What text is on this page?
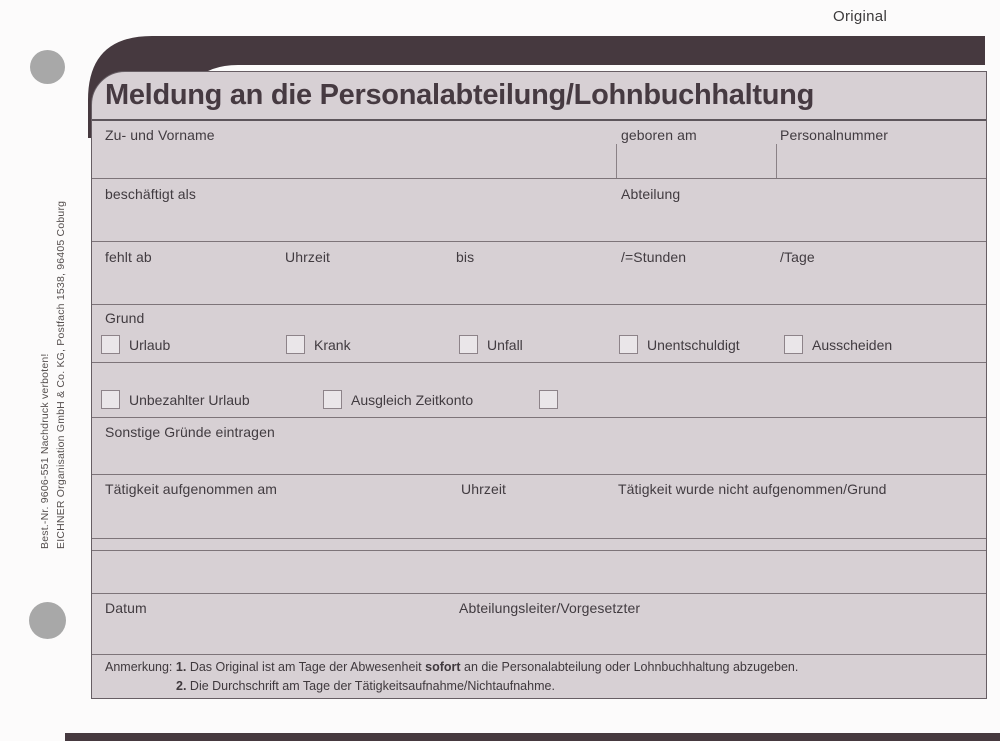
Original
Best.-Nr. 9606-551 Nachdruck verboten! EICHNER Organisation GmbH & Co. KG, Postfach 1538, 96405 Coburg
Meldung an die Personalabteilung/Lohnbuchhaltung
Zu- und Vorname	geboren am	Personalnummer
beschäftigt als	Abteilung
fehlt ab	Uhrzeit	bis	/=Stunden	/Tage
Grund
Urlaub	Krank	Unfall	Unentschuldigt	Ausscheiden
Unbezahlter Urlaub	Ausgleich Zeitkonto
Sonstige Gründe eintragen
Tätigkeit aufgenommen am	Uhrzeit	Tätigkeit wurde nicht aufgenommen/Grund
Datum	Abteilungsleiter/Vorgesetzter
Anmerkung: 1. Das Original ist am Tage der Abwesenheit sofort an die Personalabteilung oder Lohnbuchhaltung abzugeben.
2. Die Durchschrift am Tage der Tätigkeitsaufnahme/Nichtaufnahme.
